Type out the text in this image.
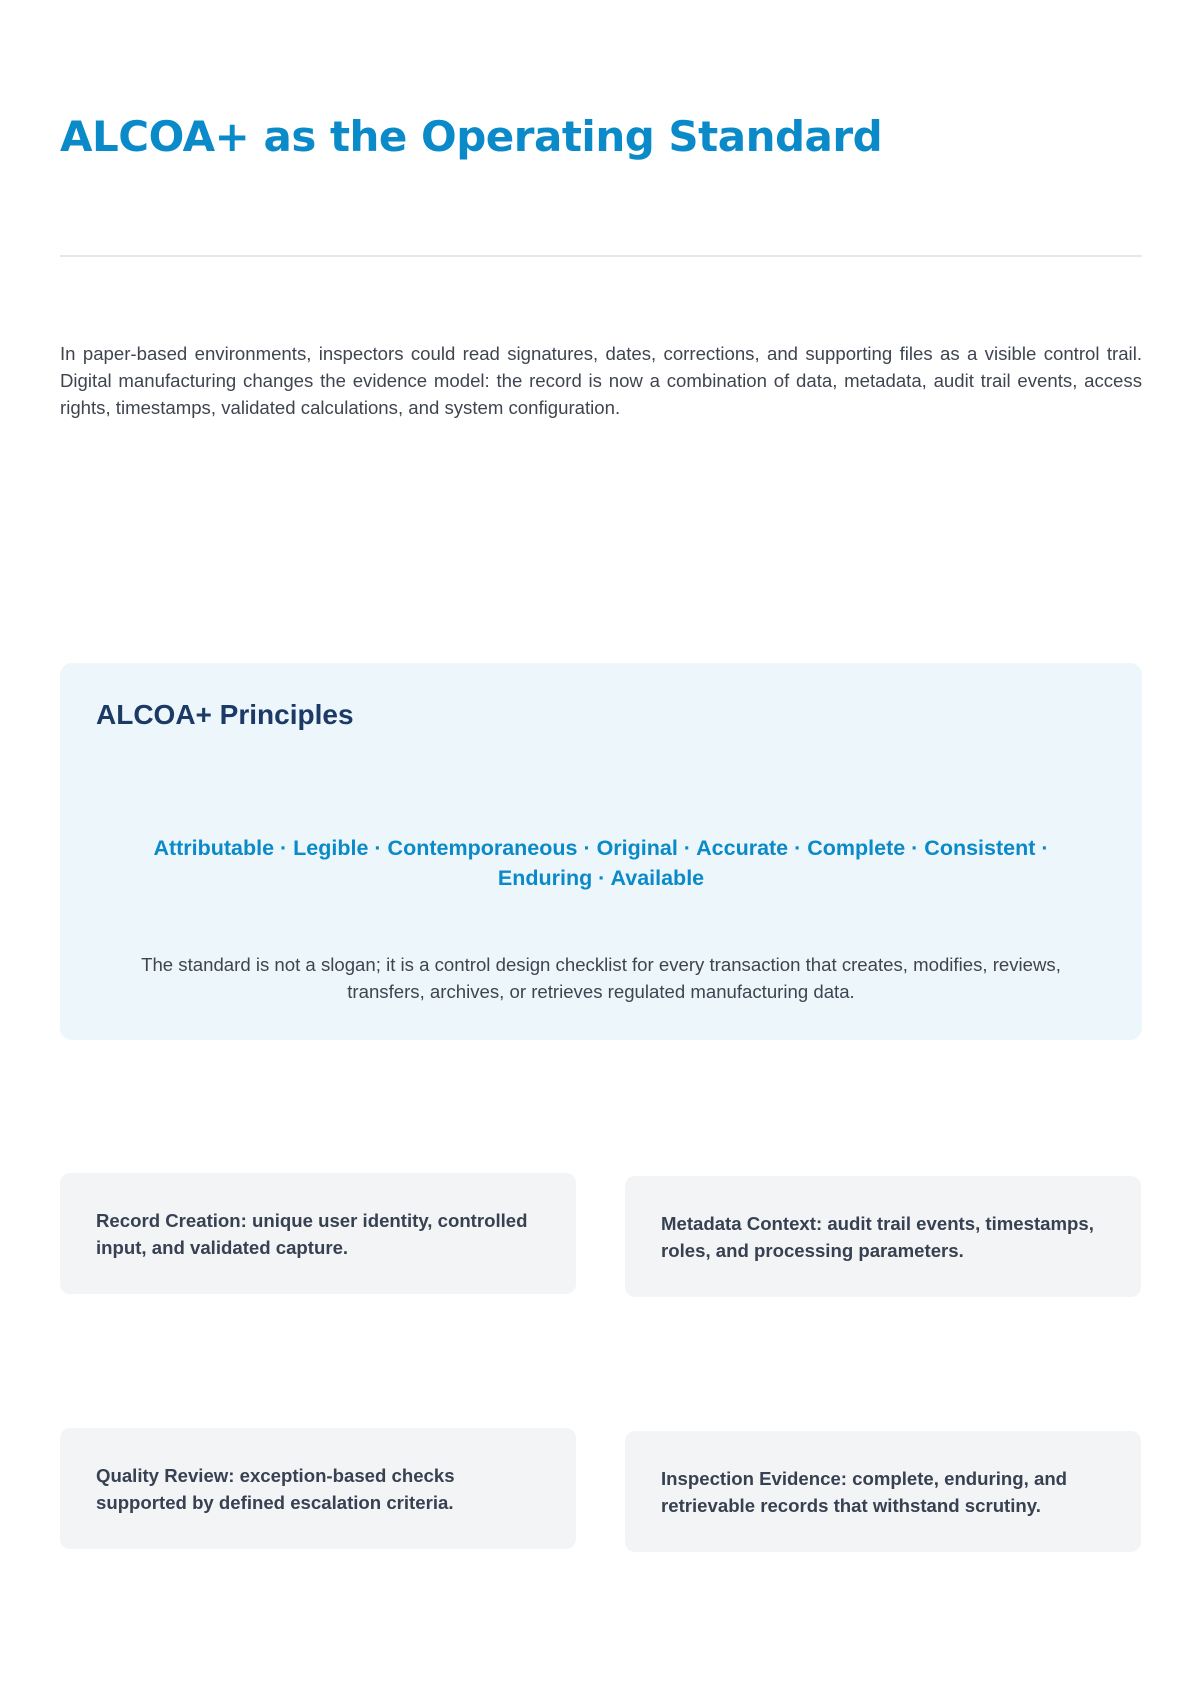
ALCOA+ as the Operating Standard

In paper-based environments, inspectors could read signatures, dates, corrections, and supporting files as a visible control trail. Digital manufacturing changes the evidence model: the record is now a combination of data, metadata, audit trail events, access rights, timestamps, validated calculations, and system configuration.

ALCOA+ Principles

Attributable · Legible · Contemporaneous · Original · Accurate · Complete · Consistent · Enduring · Available

The standard is not a slogan; it is a control design checklist for every transaction that creates, modifies, reviews, transfers, archives, or retrieves regulated manufacturing data.

Record Creation: unique user identity, controlled input, and validated capture.

Metadata Context: audit trail events, timestamps, roles, and processing parameters.

Quality Review: exception-based checks supported by defined escalation criteria.

Inspection Evidence: complete, enduring, and retrievable records that withstand scrutiny.
